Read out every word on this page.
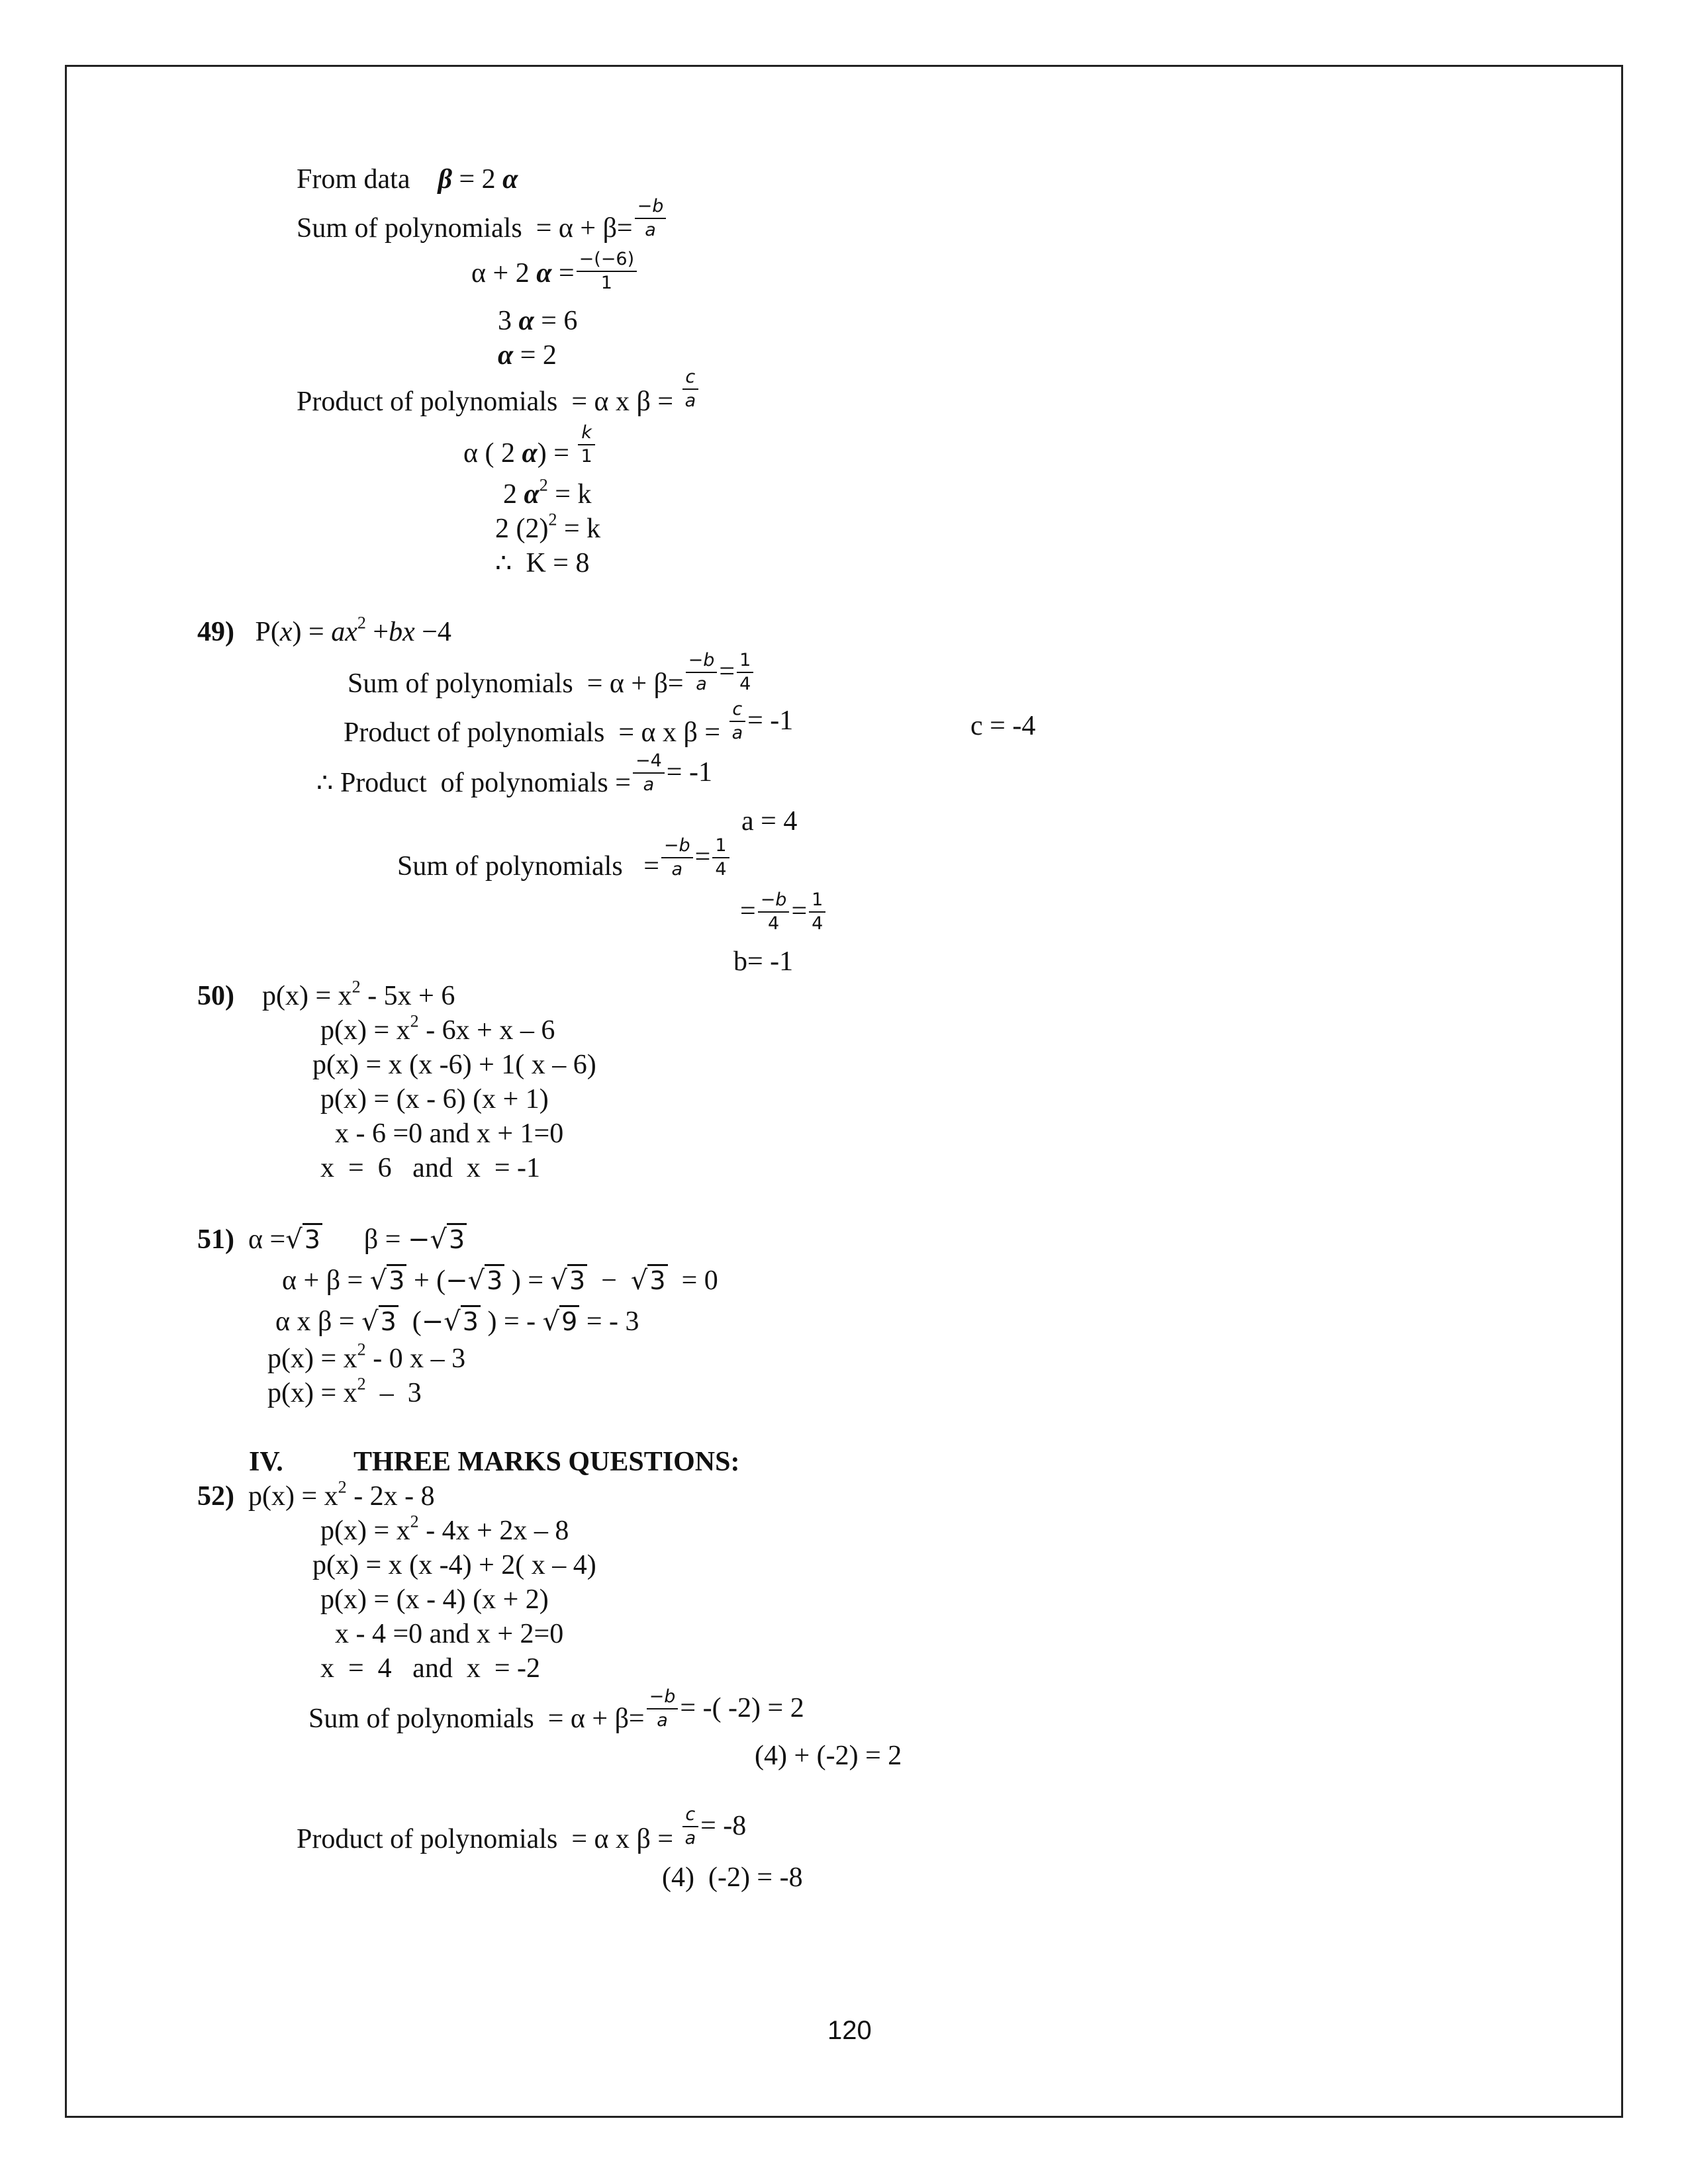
From data β = 2 α
Sum of polynomials = $\alpha + \beta= \frac{-b}{a}$
α + 2 $\alpha = \frac{-(-6)}{1}$
3 α = 6
α = 2
Product of polynomials = α x $\beta = \frac{c}{a}$
α ( 2 $\alpha) = \frac{k}{1}$
2 $\alpha^2 = k$
2 $(2)^2 = k$
∴  K = 8
49) $P(x) = ax^2 +bx -4$
Sum of polynomials = $\alpha + \beta= \frac{-b}{a} = \frac{1}{4}$
Product of polynomials = α x $\beta = \frac{c}{a} = -1$	c = -4
∴ Product  of polynomials = $\frac{-4}{a} = -1$
a = 4
Sum of polynomials   = $\frac{-b}{a} = \frac{1}{4}$
= $\frac{-b}{4} = \frac{1}{4}$
b= -1
50) $p(x) = x^2 - 5x + 6$
$p(x) = x^2 - 6x + x - 6$
p(x) = x (x -6) + 1( x – 6)
p(x) = (x - 6) (x + 1)
x - 6 =0 and x + 1=0
x  =  6   and  x  = -1
51) α =√3 β = −√3
α + β = √3 + (−√3 ) = √3  −  √3  = 0
α x β = √3  (−√3 ) = - √9 = - 3
$p(x) = x^2 - 0$ x – 3
$p(x) = x^2 - 3$
IV.	THREE MARKS QUESTIONS:
52) $p(x) = x^2 - 2x - 8$
$p(x) = x^2 - 4x + 2x - 8$
p(x) = x (x -4) + 2( x – 4)
p(x) = (x - 4) (x + 2)
x - 4 =0 and x + 2=0
x  =  4   and  x  = -2
Sum of polynomials = $\alpha + \beta= \frac{-b}{a}$ = -( -2) = 2
(4) + (-2) = 2
Product of polynomials = α x $\beta = \frac{c}{a} = -8$
(4)  (-2) = -8
120
